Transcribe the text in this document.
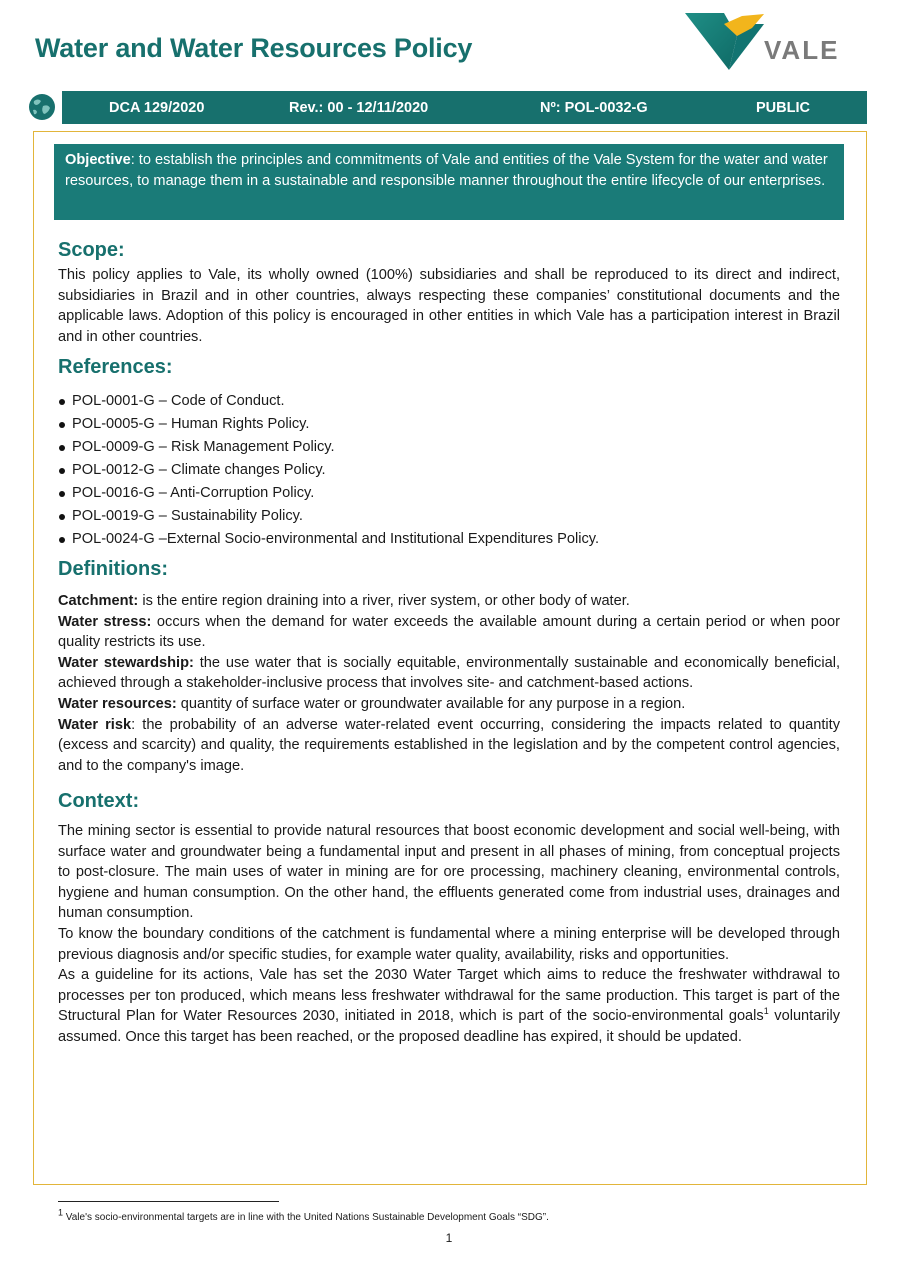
Water and Water Resources Policy	VALE
DCA 129/2020	Rev.: 00 - 12/11/2020	Nº: POL-0032-G	PUBLIC
Objective: to establish the principles and commitments of Vale and entities of the Vale System for the water and water resources, to manage them in a sustainable and responsible manner throughout the entire lifecycle of our enterprises.
Scope:
This policy applies to Vale, its wholly owned (100%) subsidiaries and shall be reproduced to its direct and indirect, subsidiaries in Brazil and in other countries, always respecting these companies’ constitutional documents and the applicable laws. Adoption of this policy is encouraged in other entities in which Vale has a participation interest in Brazil and in other countries.
References:
POL-0001-G – Code of Conduct.
POL-0005-G – Human Rights Policy.
POL-0009-G – Risk Management Policy.
POL-0012-G – Climate changes Policy.
POL-0016-G – Anti-Corruption Policy.
POL-0019-G – Sustainability Policy.
POL-0024-G –External Socio-environmental and Institutional Expenditures Policy.
Definitions:

Catchment: is the entire region draining into a river, river system, or other body of water.

Water stress: occurs when the demand for water exceeds the available amount during a certain period or when poor quality restricts its use.

Water stewardship: the use water that is socially equitable, environmentally sustainable and economically beneficial, achieved through a stakeholder-inclusive process that involves site- and catchment-based actions.

Water resources: quantity of surface water or groundwater available for any purpose in a region.

Water risk: the probability of an adverse water-related event occurring, considering the impacts related to quantity (excess and scarcity) and quality, the requirements established in the legislation and by the competent control agencies, and to the company's image.

Context:

The mining sector is essential to provide natural resources that boost economic development and social well-being, with surface water and groundwater being a fundamental input and present in all phases of mining, from conceptual projects to post-closure. The main uses of water in mining are for ore processing, machinery cleaning, environmental controls, hygiene and human consumption. On the other hand, the effluents generated come from industrial uses, drainages and human consumption.

To know the boundary conditions of the catchment is fundamental where a mining enterprise will be developed through previous diagnosis and/or specific studies, for example water quality, availability, risks and opportunities.

As a guideline for its actions, Vale has set the 2030 Water Target which aims to reduce the freshwater withdrawal to processes per ton produced, which means less freshwater withdrawal for the same production. This target is part of the Structural Plan for Water Resources 2030, initiated in 2018, which is part of the socio-environmental goals$^1$ voluntarily assumed. Once this target has been reached, or the proposed deadline has expired, it should be updated.

$^1$ Vale's socio-environmental targets are in line with the United Nations Sustainable Development Goals “SDG”.
1
